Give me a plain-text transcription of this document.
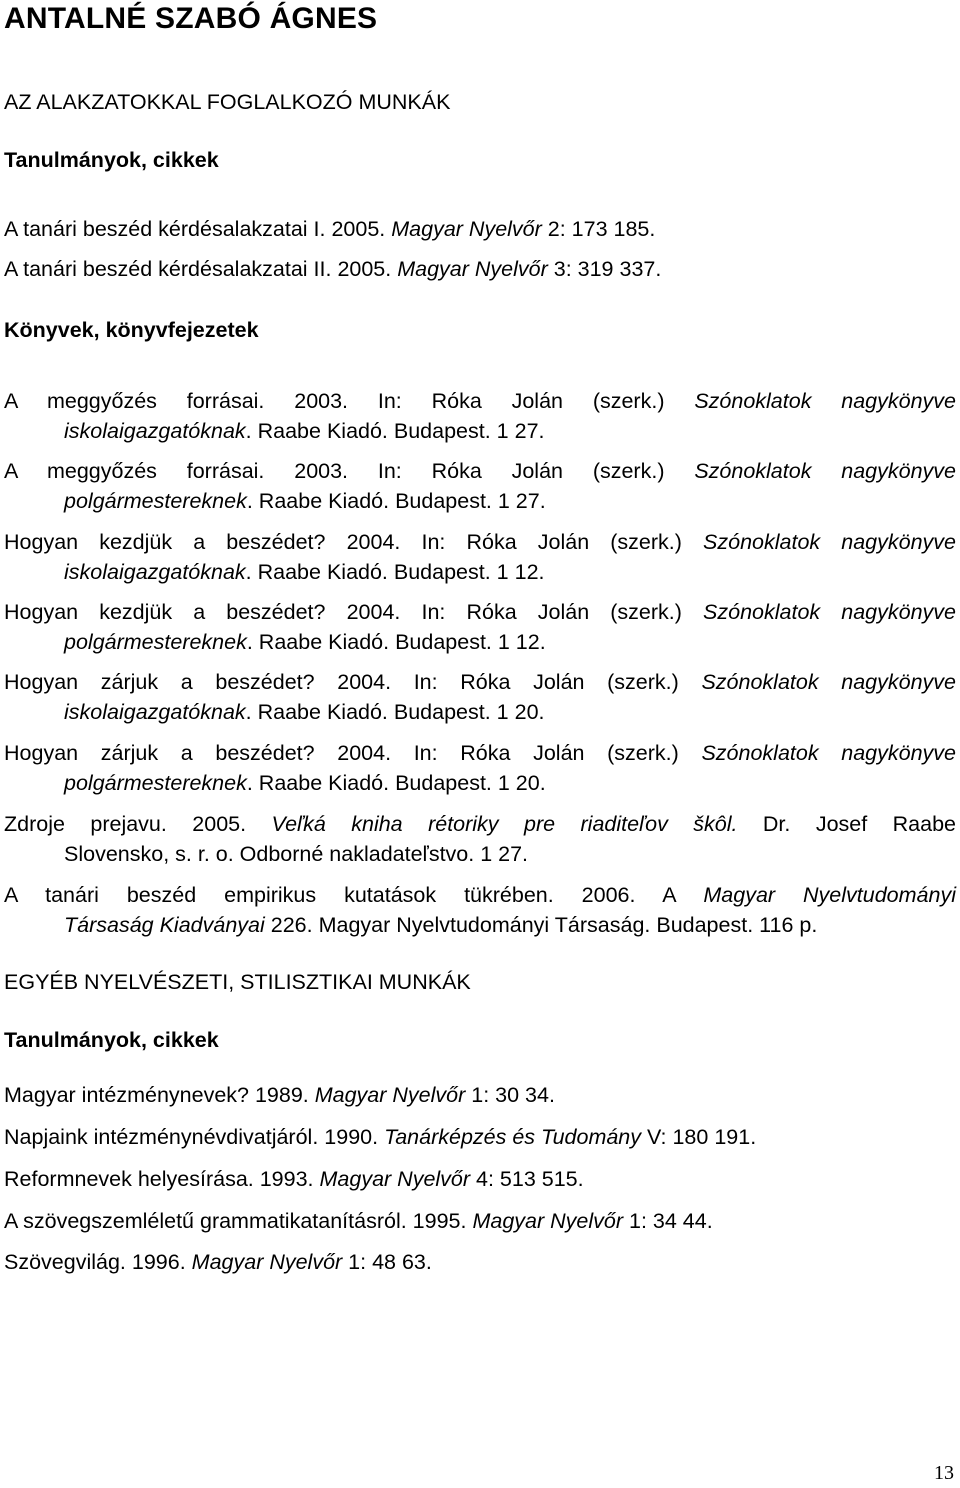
ANTALNÉ SZABÓ ÁGNES
AZ ALAKZATOKKAL FOGLALKOZÓ MUNKÁK
Tanulmányok, cikkek
A tanári beszéd kérdésalakzatai I. 2005. Magyar Nyelvőr 2: 173 185.
A tanári beszéd kérdésalakzatai II. 2005. Magyar Nyelvőr 3: 319 337.
Könyvek, könyvfejezetek
A meggyőzés forrásai. 2003. In: Róka Jolán (szerk.) Szónoklatok nagykönyve
iskolaigazgatóknak. Raabe Kiadó. Budapest. 1 27.
A meggyőzés forrásai. 2003. In: Róka Jolán (szerk.) Szónoklatok nagykönyve
polgármestereknek. Raabe Kiadó. Budapest. 1 27.
Hogyan kezdjük a beszédet? 2004. In: Róka Jolán (szerk.) Szónoklatok nagykönyve
iskolaigazgatóknak. Raabe Kiadó. Budapest. 1 12.
Hogyan kezdjük a beszédet? 2004. In: Róka Jolán (szerk.) Szónoklatok nagykönyve
polgármestereknek. Raabe Kiadó. Budapest. 1 12.
Hogyan zárjuk a beszédet? 2004. In: Róka Jolán (szerk.) Szónoklatok nagykönyve
iskolaigazgatóknak. Raabe Kiadó. Budapest. 1 20.
Hogyan zárjuk a beszédet? 2004. In: Róka Jolán (szerk.) Szónoklatok nagykönyve
polgármestereknek. Raabe Kiadó. Budapest. 1 20.
Zdroje prejavu. 2005. Veľká kniha rétoriky pre riaditeľov škôl. Dr. Josef Raabe
Slovensko, s. r. o. Odborné nakladateľstvo. 1 27.
A tanári beszéd empirikus kutatások tükrében. 2006. A Magyar Nyelvtudományi
Társaság Kiadványai 226. Magyar Nyelvtudományi Társaság. Budapest. 116 p.
EGYÉB NYELVÉSZETI, STILISZTIKAI MUNKÁK
Tanulmányok, cikkek
Magyar intézménynevek? 1989. Magyar Nyelvőr 1: 30 34.
Napjaink intézménynévdivatjáról. 1990. Tanárképzés és Tudomány V: 180 191.
Reformnevek helyesírása. 1993. Magyar Nyelvőr 4: 513 515.
A szövegszemléletű grammatikatanításról. 1995. Magyar Nyelvőr 1: 34 44.
Szövegvilág. 1996. Magyar Nyelvőr 1: 48 63.
13
